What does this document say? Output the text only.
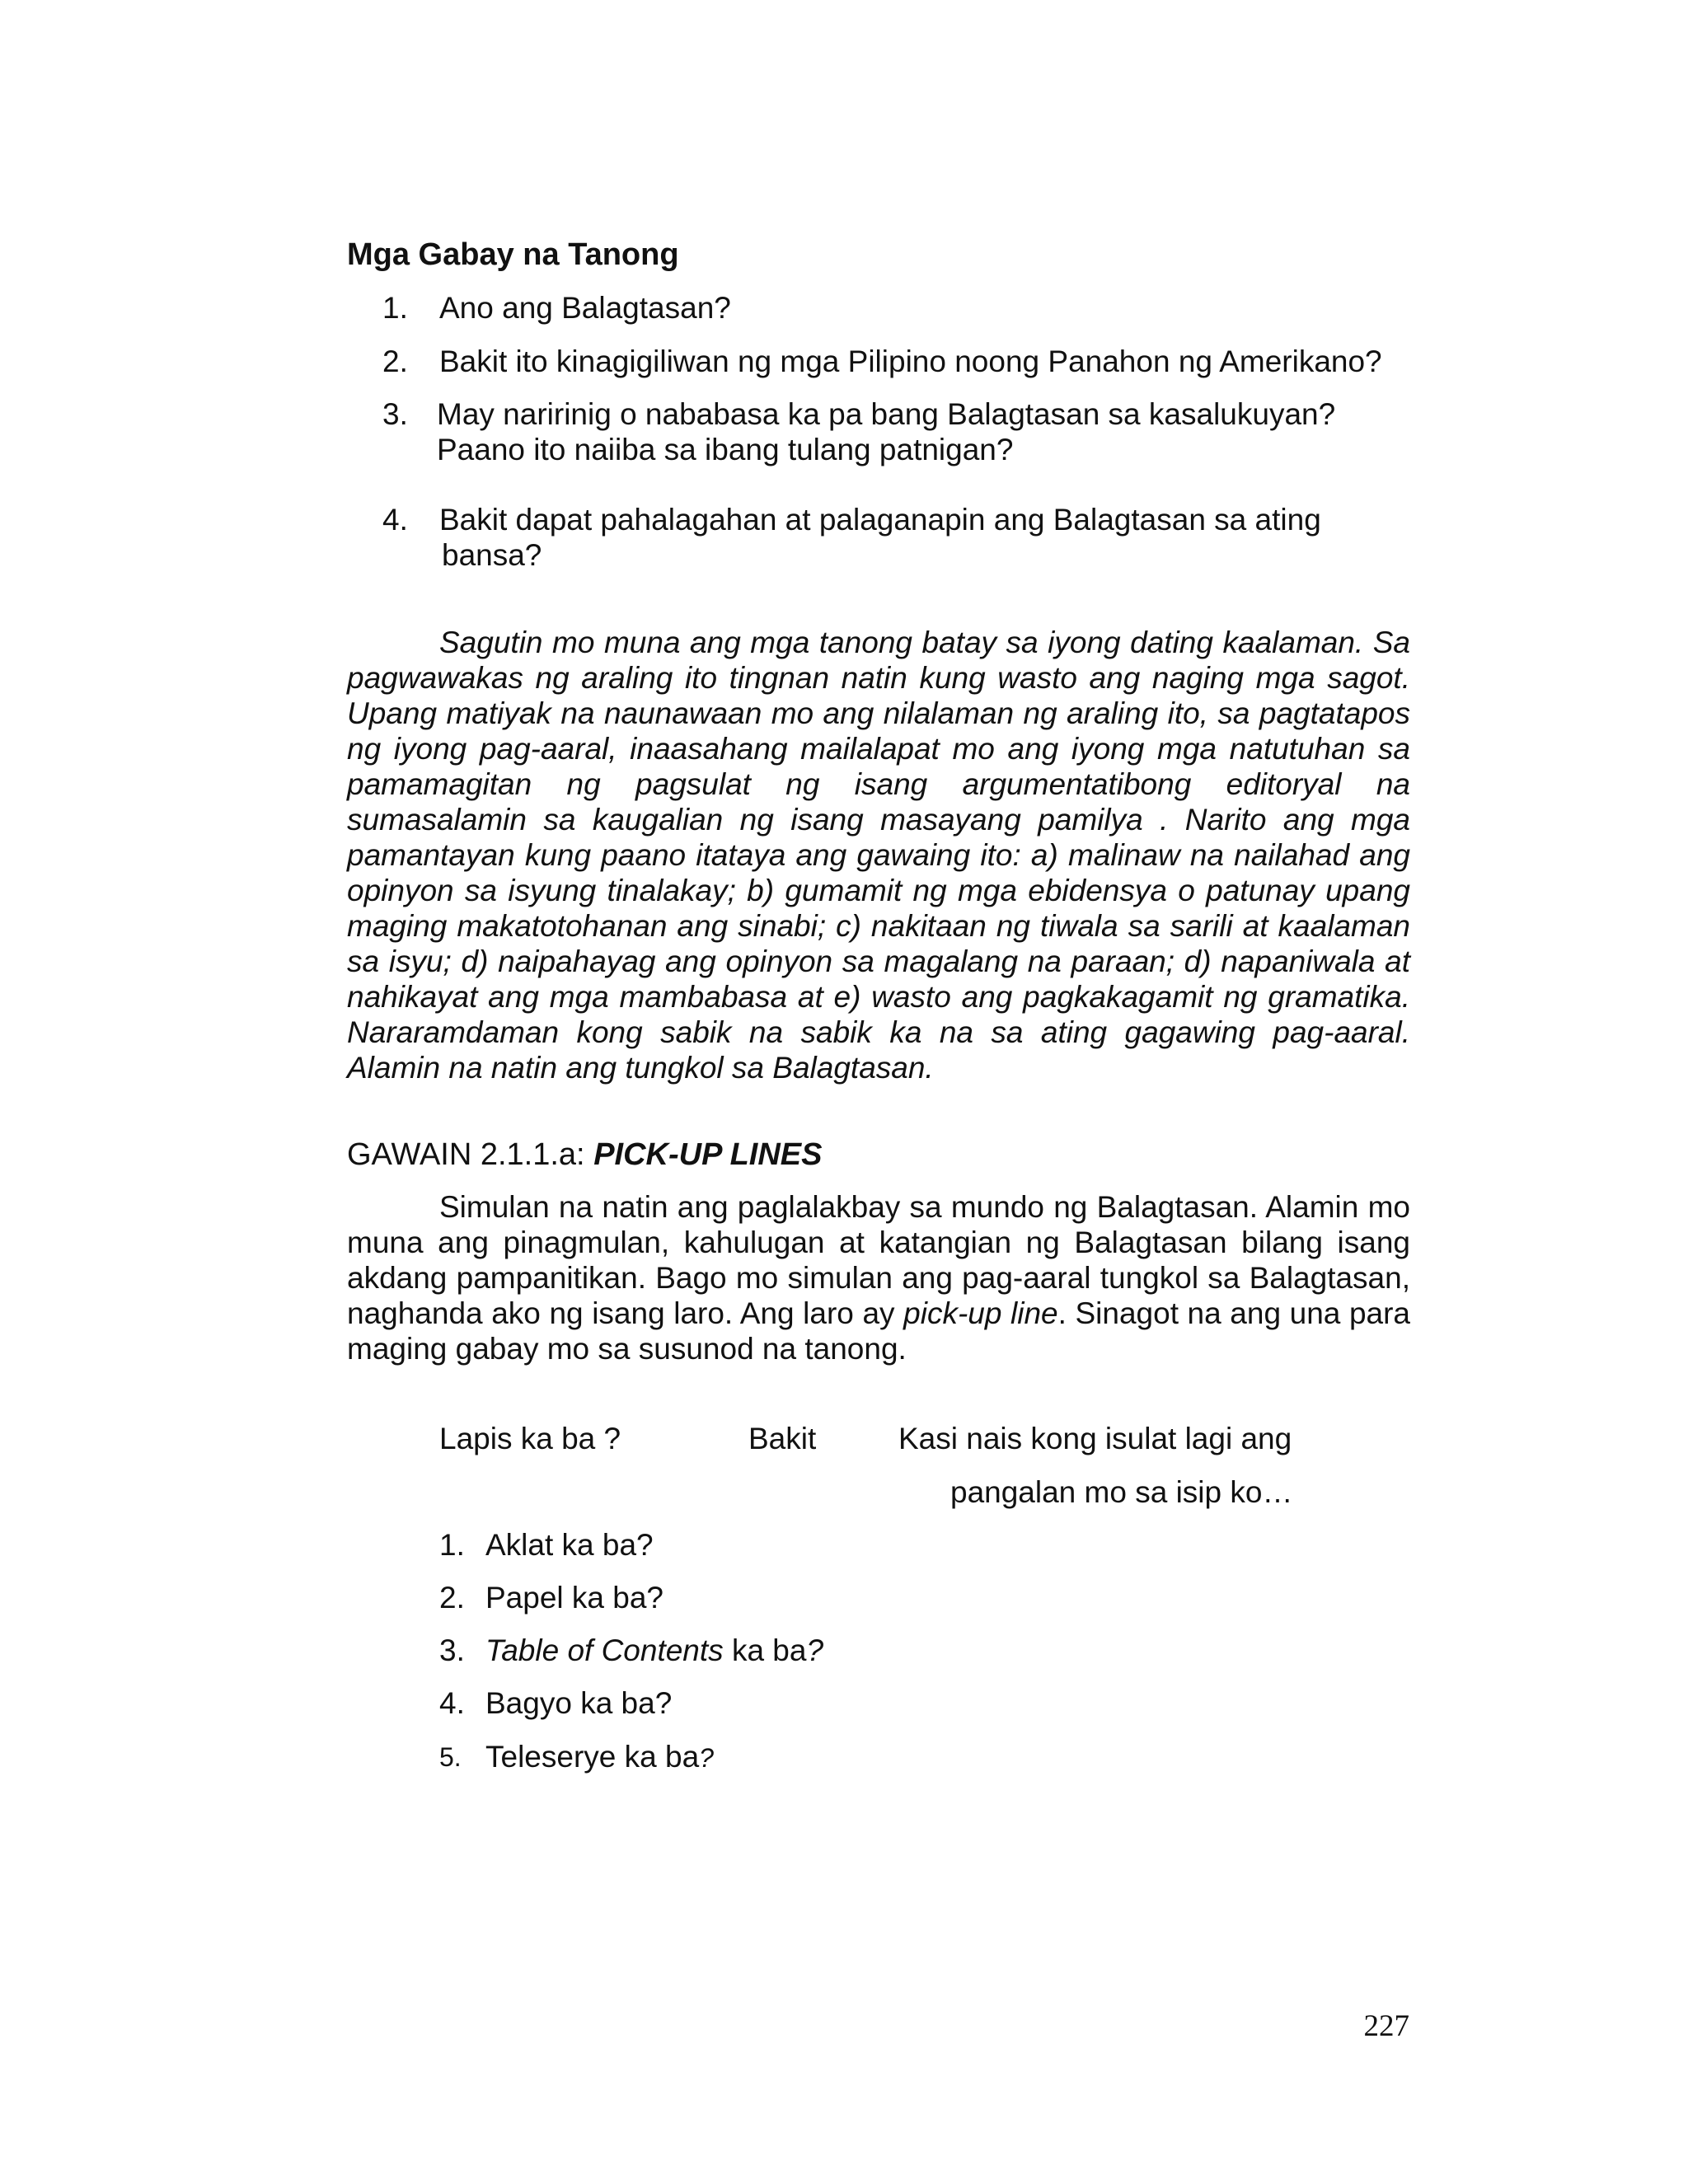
Mga Gabay na Tanong
1. Ano ang Balagtasan?
2. Bakit ito kinagigiliwan ng mga Pilipino noong Panahon ng Amerikano?
3. May naririnig o nababasa ka pa bang Balagtasan sa kasalukuyan?
Paano ito naiiba sa ibang tulang patnigan?
4. Bakit dapat pahalagahan at palaganapin ang Balagtasan sa ating
bansa?
Sagutin mo muna ang mga tanong batay sa iyong dating kaalaman. Sa pagwawakas ng araling ito tingnan natin kung wasto ang naging mga sagot. Upang matiyak na naunawaan mo ang nilalaman ng araling ito, sa pagtatapos ng iyong pag-aaral, inaasahang mailalapat mo ang iyong mga natutuhan sa pamamagitan ng pagsulat ng isang argumentatibong editoryal na sumasalamin sa kaugalian ng isang masayang pamilya . Narito ang mga pamantayan kung paano itataya ang gawaing ito: a) malinaw na nailahad ang opinyon sa isyung tinalakay; b) gumamit ng mga ebidensya o patunay upang maging makatotohanan ang sinabi; c) nakitaan ng tiwala sa sarili at kaalaman sa isyu; d) naipahayag ang opinyon sa magalang na paraan; d) napaniwala at nahikayat ang mga mambabasa at e) wasto ang pagkakagamit ng gramatika. Nararamdaman kong sabik na sabik ka na sa ating gagawing pag-aaral. Alamin na natin ang tungkol sa Balagtasan.
GAWAIN 2.1.1.a: PICK-UP LINES
Simulan na natin ang paglalakbay sa mundo ng Balagtasan. Alamin mo muna ang pinagmulan, kahulugan at katangian ng Balagtasan bilang isang akdang pampanitikan. Bago mo simulan ang pag-aaral tungkol sa Balagtasan, naghanda ako ng isang laro. Ang laro ay pick-up line. Sinagot na ang una para maging gabay mo sa susunod na tanong.
Lapis ka ba ?	Bakit	Kasi nais kong isulat lagi ang
pangalan mo sa isip ko…
1. Aklat ka ba?
2. Papel ka ba?
3. Table of Contents ka ba?
4. Bagyo ka ba?
5. Teleserye ka ba?
227
